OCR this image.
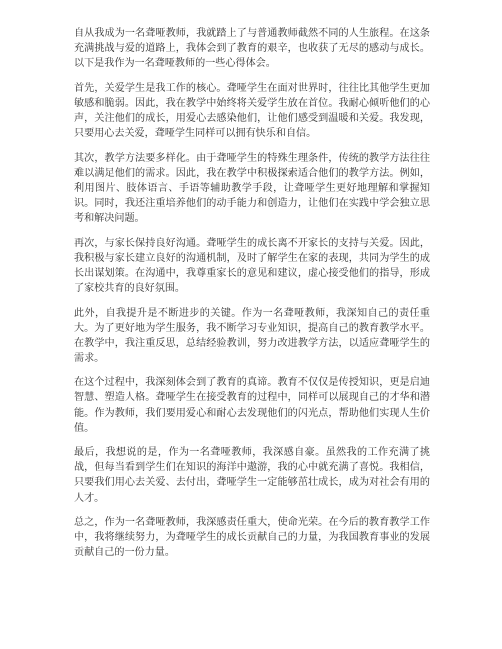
自从我成为一名聋哑教师，我就踏上了与普通教师截然不同的人生旅程。在这条充满挑战与爱的道路上，我体会到了教育的艰辛，也收获了无尽的感动与成长。以下是我作为一名聋哑教师的一些心得体会。

首先，关爱学生是我工作的核心。聋哑学生在面对世界时，往往比其他学生更加敏感和脆弱。因此，我在教学中始终将关爱学生放在首位。我耐心倾听他们的心声，关注他们的成长，用爱心去感染他们，让他们感受到温暖和关爱。我发现，只要用心去关爱，聋哑学生同样可以拥有快乐和自信。

其次，教学方法要多样化。由于聋哑学生的特殊生理条件，传统的教学方法往往难以满足他们的需求。因此，我在教学中积极探索适合他们的教学方法。例如，利用图片、肢体语言、手语等辅助教学手段，让聋哑学生更好地理解和掌握知识。同时，我还注重培养他们的动手能力和创造力，让他们在实践中学会独立思考和解决问题。

再次，与家长保持良好沟通。聋哑学生的成长离不开家长的支持与关爱。因此，我积极与家长建立良好的沟通机制，及时了解学生在家的表现，共同为学生的成长出谋划策。在沟通中，我尊重家长的意见和建议，虚心接受他们的指导，形成了家校共育的良好氛围。

此外，自我提升是不断进步的关键。作为一名聋哑教师，我深知自己的责任重大。为了更好地为学生服务，我不断学习专业知识，提高自己的教育教学水平。在教学中，我注重反思，总结经验教训，努力改进教学方法，以适应聋哑学生的需求。

在这个过程中，我深刻体会到了教育的真谛。教育不仅仅是传授知识，更是启迪智慧、塑造人格。聋哑学生在接受教育的过程中，同样可以展现自己的才华和潜能。作为教师，我们要用爱心和耐心去发现他们的闪光点，帮助他们实现人生价值。

最后，我想说的是，作为一名聋哑教师，我深感自豪。虽然我的工作充满了挑战，但每当看到学生们在知识的海洋中遨游，我的心中就充满了喜悦。我相信，只要我们用心去关爱、去付出，聋哑学生一定能够茁壮成长，成为对社会有用的人才。

总之，作为一名聋哑教师，我深感责任重大，使命光荣。在今后的教育教学工作中，我将继续努力，为聋哑学生的成长贡献自己的力量，为我国教育事业的发展贡献自己的一份力量。
